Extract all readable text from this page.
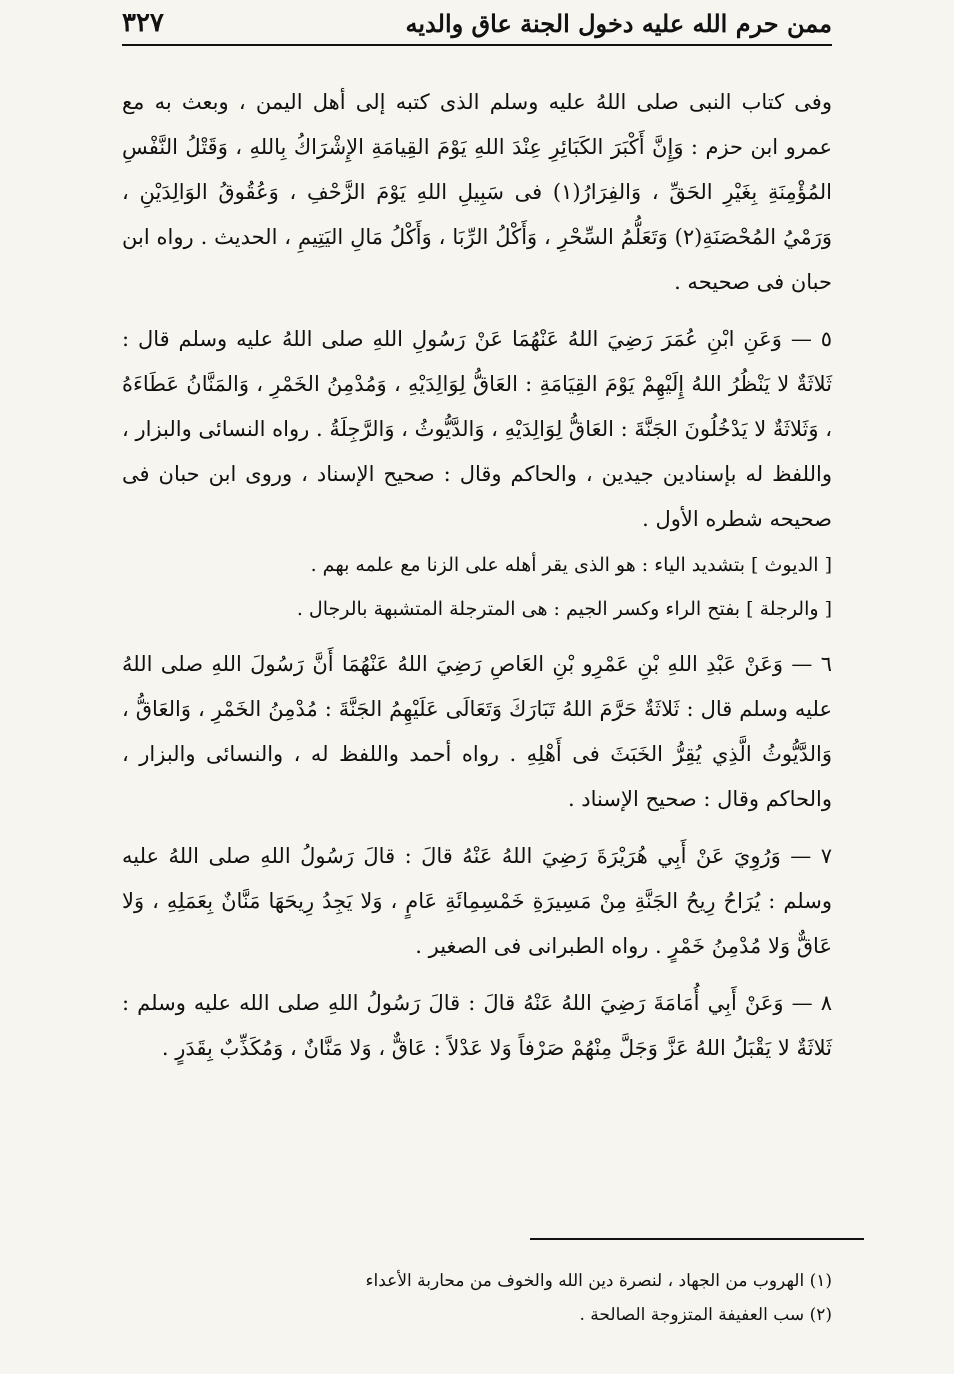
٣٢٧	ممن حرم الله عليه دخول الجنة عاق والديه

وفى كتاب النبى صلى اللهُ عليه وسلم الذى كتبه إلى أهل اليمن ، وبعث به مع عمرو ابن حزم : وَإِنَّ أَكْبَرَ الكَبَائِرِ عِنْدَ اللهِ يَوْمَ القِيامَةِ الإِشْرَاكُ بِاللهِ ، وَقَتْلُ النَّفْسِ المُؤْمِنَةِ بِغَيْرِ الحَقِّ ، وَالفِرَارُ(١) فى سَبِيلِ اللهِ يَوْمَ الزَّحْفِ ، وَعُقُوقُ الوَالِدَيْنِ ، وَرَمْيُ المُحْصَنَةِ(٢) وَتَعَلُّمُ السِّحْرِ ، وَأَكْلُ الرِّبَا ، وَأَكْلُ مَالِ اليَتِيمِ ، الحديث . رواه ابن حبان فى صحيحه .

٥ — وَعَنِ ابْنِ عُمَرَ رَضِيَ اللهُ عَنْهُمَا عَنْ رَسُولِ اللهِ صلى اللهُ عليه وسلم قال : ثَلاثَةٌ لا يَنْظُرُ اللهُ إِلَيْهِمْ يَوْمَ القِيَامَةِ : العَاقُّ لِوَالِدَيْهِ ، وَمُدْمِنُ الخَمْرِ ، وَالمَنَّانُ عَطَاءَهُ ، وَثَلاثَةٌ لا يَدْخُلُونَ الجَنَّةَ : العَاقُّ لِوَالِدَيْهِ ، وَالدَّيُّوثُ ، وَالرَّجِلَةُ . رواه النسائى والبزار ، واللفظ له بإسنادين جيدين ، والحاكم وقال : صحيح الإسناد ، وروى ابن حبان فى صحيحه شطره الأول .

[ الديوث ] بتشديد الياء : هو الذى يقر أهله على الزنا مع علمه بهم .

[ والرجلة ] بفتح الراء وكسر الجيم : هى المترجلة المتشبهة بالرجال .

٦ — وَعَنْ عَبْدِ اللهِ بْنِ عَمْرِو بْنِ العَاصِ رَضِيَ اللهُ عَنْهُمَا أَنَّ رَسُولَ اللهِ صلى اللهُ عليه وسلم قال : ثَلاثَةٌ حَرَّمَ اللهُ تَبَارَكَ وَتَعَالَى عَلَيْهِمُ الجَنَّةَ : مُدْمِنُ الخَمْرِ ، وَالعَاقُّ ، وَالدَّيُّوثُ الَّذِي يُقِرُّ الخَبَثَ فى أَهْلِهِ . رواه أحمد واللفظ له ، والنسائى والبزار ، والحاكم وقال : صحيح الإسناد .

٧ — وَرُوِيَ عَنْ أَبِي هُرَيْرَةَ رَضِيَ اللهُ عَنْهُ قالَ : قالَ رَسُولُ اللهِ صلى اللهُ عليه وسلم : يُرَاحُ رِيحُ الجَنَّةِ مِنْ مَسِيرَةِ خَمْسِمِائَةِ عَامٍ ، وَلا يَجِدُ رِيحَهَا مَنَّانٌ بِعَمَلِهِ ، وَلا عَاقٌّ وَلا مُدْمِنُ خَمْرٍ . رواه الطبرانى فى الصغير .

٨ — وَعَنْ أَبِي أُمَامَةَ رَضِيَ اللهُ عَنْهُ قالَ : قالَ رَسُولُ اللهِ صلى الله عليه وسلم : ثَلاثَةٌ لا يَقْبَلُ اللهُ عَزَّ وَجَلَّ مِنْهُمْ صَرْفاً وَلا عَدْلاً : عَاقٌّ ، وَلا مَنَّانٌ ، وَمُكَذِّبٌ بِقَدَرٍ .

(١) الهروب من الجهاد ، لنصرة دين الله والخوف من محاربة الأعداء
(٢) سب العفيفة المتزوجة الصالحة .
